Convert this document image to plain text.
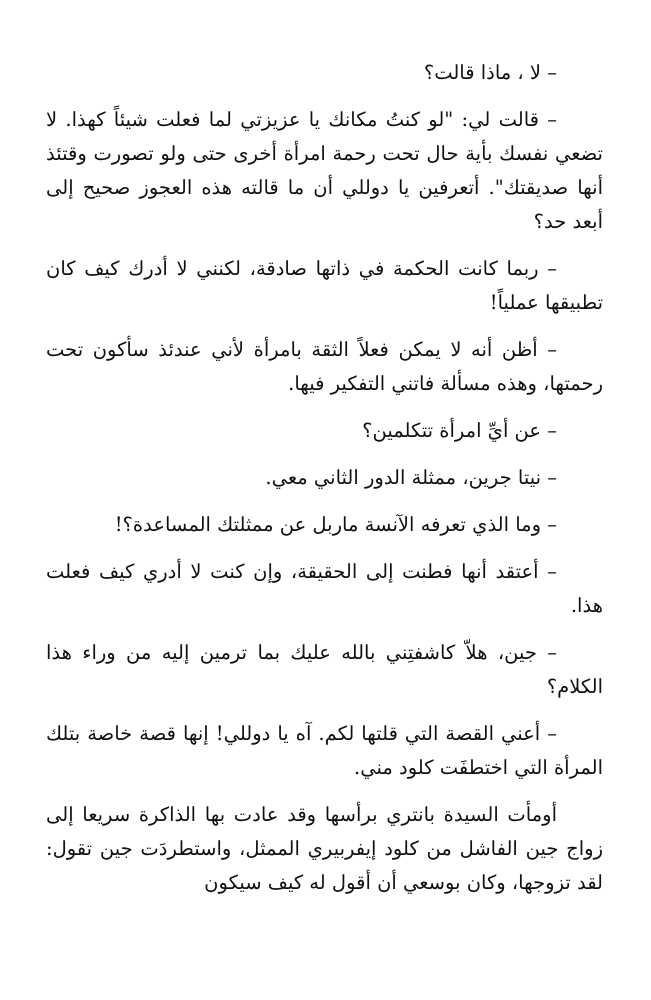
– لا ، ماذا قالت؟

– قالت لي: "لو كنتُ مكانك يا عزيزتي لما فعلت شيئاً كهذا. لا تضعي نفسك بأية حال تحت رحمة امرأة أخرى حتى ولو تصورت وقتئذ أنها صديقتك". أتعرفين يا دوللي أن ما قالته هذه العجوز صحيح إلى أبعد حد؟

– ربما كانت الحكمة في ذاتها صادقة، لكنني لا أدرك كيف كان تطبيقها عملياً!

– أظن أنه لا يمكن فعلاً الثقة بامرأة لأني عندئذ سأكون تحت رحمتها، وهذه مسألة فاتني التفكير فيها.

– عن أيِّ امرأة تتكلمين؟

– نيتا جرين، ممثلة الدور الثاني معي.

– وما الذي تعرفه الآنسة ماربل عن ممثلتك المساعدة؟!

– أعتقد أنها فطنت إلى الحقيقة، وإن كنت لا أدري كيف فعلت هذا.

– جين، هلاّ كاشفتِني بالله عليك بما ترمين إليه من وراء هذا الكلام؟

– أعني القصة التي قلتها لكم. آه يا دوللي! إنها قصة خاصة بتلك المرأة التي اختطفَت كلود مني.

أومأت السيدة بانتري برأسها وقد عادت بها الذاكرة سريعا إلى زواج جين الفاشل من كلود إيفربيري الممثل، واستطردَت جين تقول: لقد تزوجها، وكان بوسعي أن أقول له كيف سيكون
